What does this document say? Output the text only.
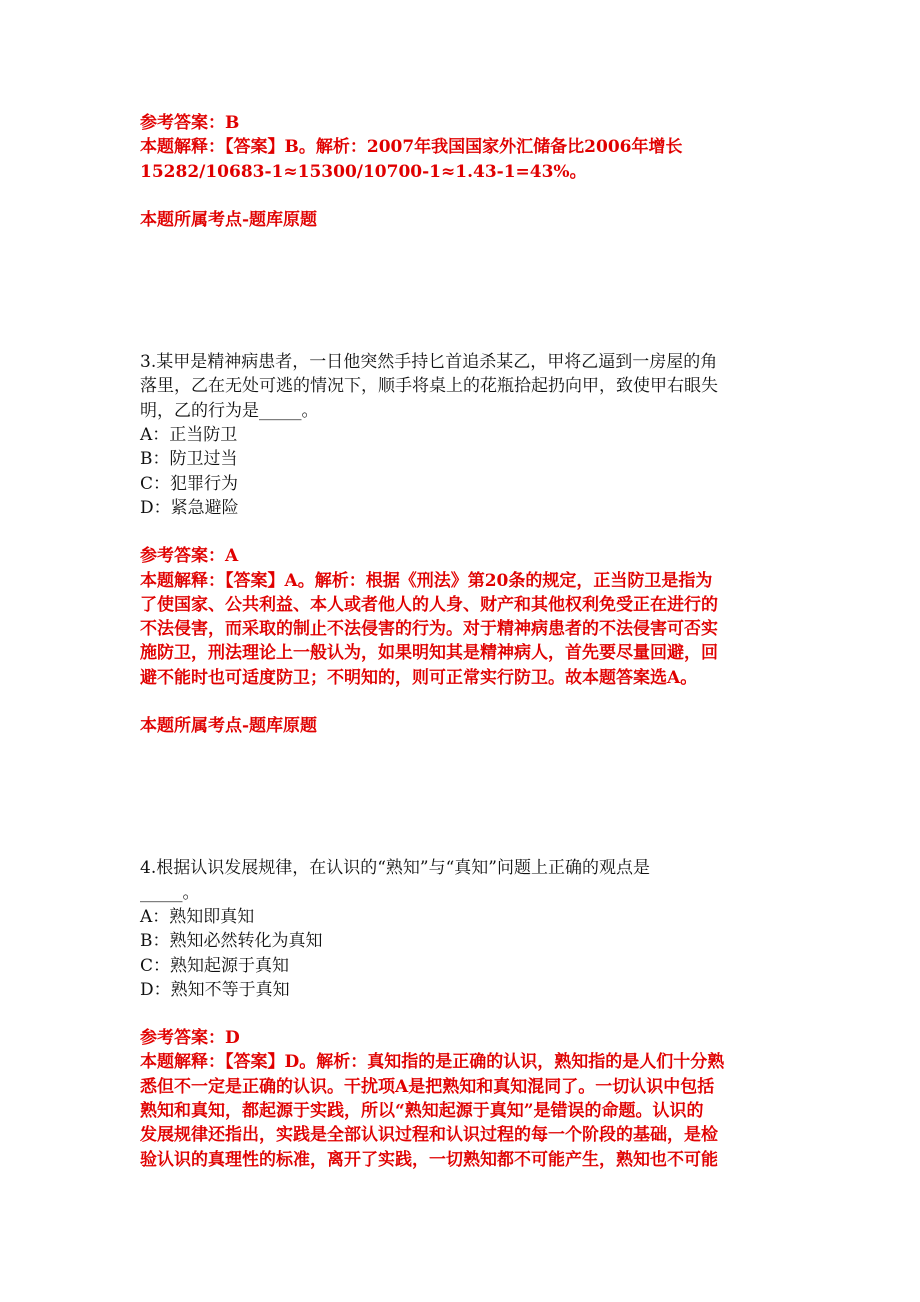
参考答案：B
本题解释：【答案】B。解析：2007年我国国家外汇储备比2006年增长
15282/10683-1≈15300/10700-1≈1.43-1=43%。
本题所属考点-题库原题
3.某甲是精神病患者，一日他突然手持匕首追杀某乙，甲将乙逼到一房屋的角
落里，乙在无处可逃的情况下，顺手将桌上的花瓶拾起扔向甲，致使甲右眼失
明，乙的行为是_____。
A：正当防卫
B：防卫过当
C：犯罪行为
D：紧急避险
参考答案：A
本题解释：【答案】A。解析：根据《刑法》第20条的规定，正当防卫是指为
了使国家、公共利益、本人或者他人的人身、财产和其他权利免受正在进行的
不法侵害，而采取的制止不法侵害的行为。对于精神病患者的不法侵害可否实
施防卫，刑法理论上一般认为，如果明知其是精神病人，首先要尽量回避，回
避不能时也可适度防卫；不明知的，则可正常实行防卫。故本题答案选A。
本题所属考点-题库原题
4.根据认识发展规律，在认识的“熟知”与“真知”问题上正确的观点是
_____。
A：熟知即真知
B：熟知必然转化为真知
C：熟知起源于真知
D：熟知不等于真知
参考答案：D
本题解释：【答案】D。解析：真知指的是正确的认识，熟知指的是人们十分熟
悉但不一定是正确的认识。干扰项A是把熟知和真知混同了。一切认识中包括
熟知和真知，都起源于实践，所以“熟知起源于真知”是错误的命题。认识的
发展规律还指出，实践是全部认识过程和认识过程的每一个阶段的基础，是检
验认识的真理性的标准，离开了实践，一切熟知都不可能产生，熟知也不可能
